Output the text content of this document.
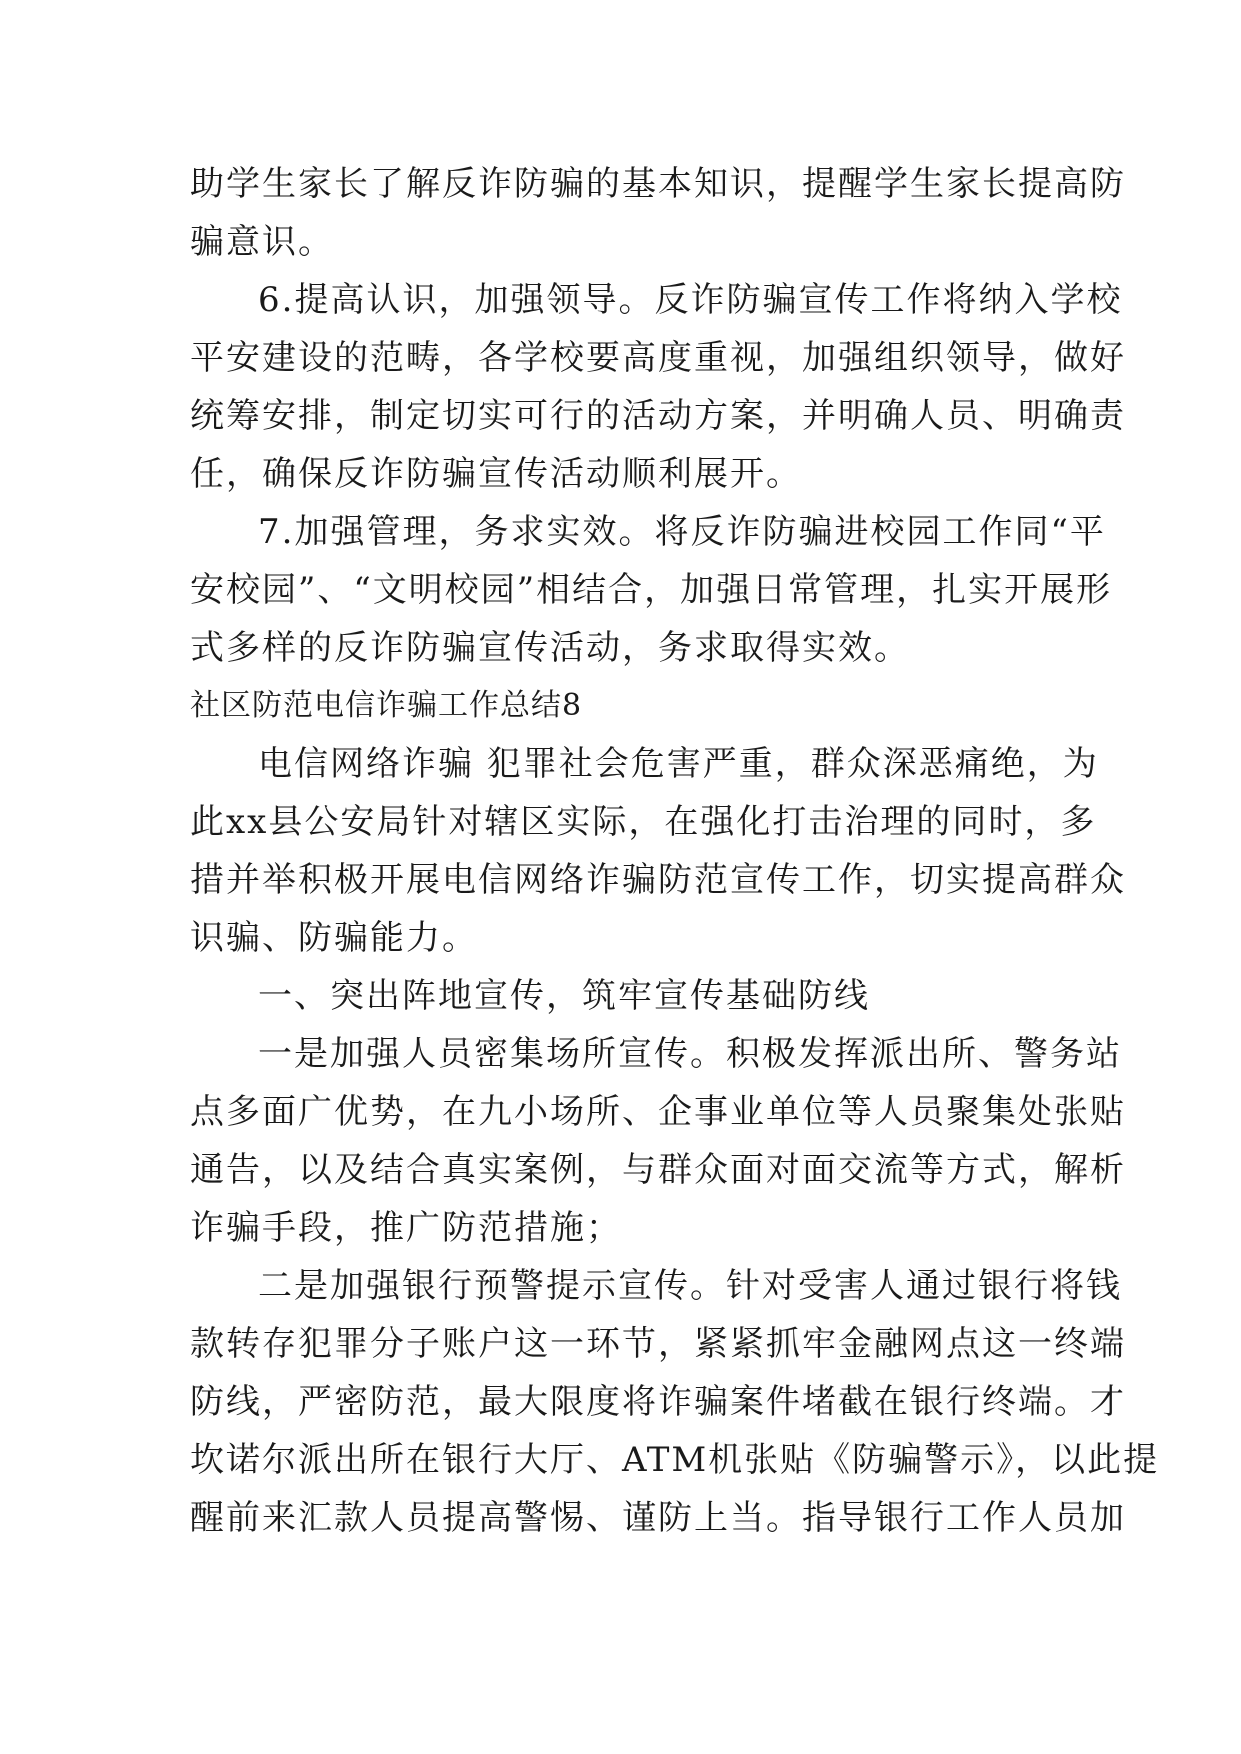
助学生家长了解反诈防骗的基本知识，提醒学生家长提高防
骗意识。
6.提高认识，加强领导。反诈防骗宣传工作将纳入学校
平安建设的范畴，各学校要高度重视，加强组织领导，做好
统筹安排，制定切实可行的活动方案，并明确人员、明确责
任，确保反诈防骗宣传活动顺利展开。
7.加强管理，务求实效。将反诈防骗进校园工作同“平
安校园”、“文明校园”相结合，加强日常管理，扎实开展形
式多样的反诈防骗宣传活动，务求取得实效。
社区防范电信诈骗工作总结8
电信网络诈骗 犯罪社会危害严重，群众深恶痛绝，为
此xx县公安局针对辖区实际，在强化打击治理的同时，多
措并举积极开展电信网络诈骗防范宣传工作，切实提高群众
识骗、防骗能力。
一、突出阵地宣传，筑牢宣传基础防线
一是加强人员密集场所宣传。积极发挥派出所、警务站
点多面广优势，在九小场所、企事业单位等人员聚集处张贴
通告，以及结合真实案例，与群众面对面交流等方式，解析
诈骗手段，推广防范措施；
二是加强银行预警提示宣传。针对受害人通过银行将钱
款转存犯罪分子账户这一环节，紧紧抓牢金融网点这一终端
防线，严密防范，最大限度将诈骗案件堵截在银行终端。才
坎诺尔派出所在银行大厅、ATM机张贴《防骗警示》，以此提
醒前来汇款人员提高警惕、谨防上当。指导银行工作人员加
